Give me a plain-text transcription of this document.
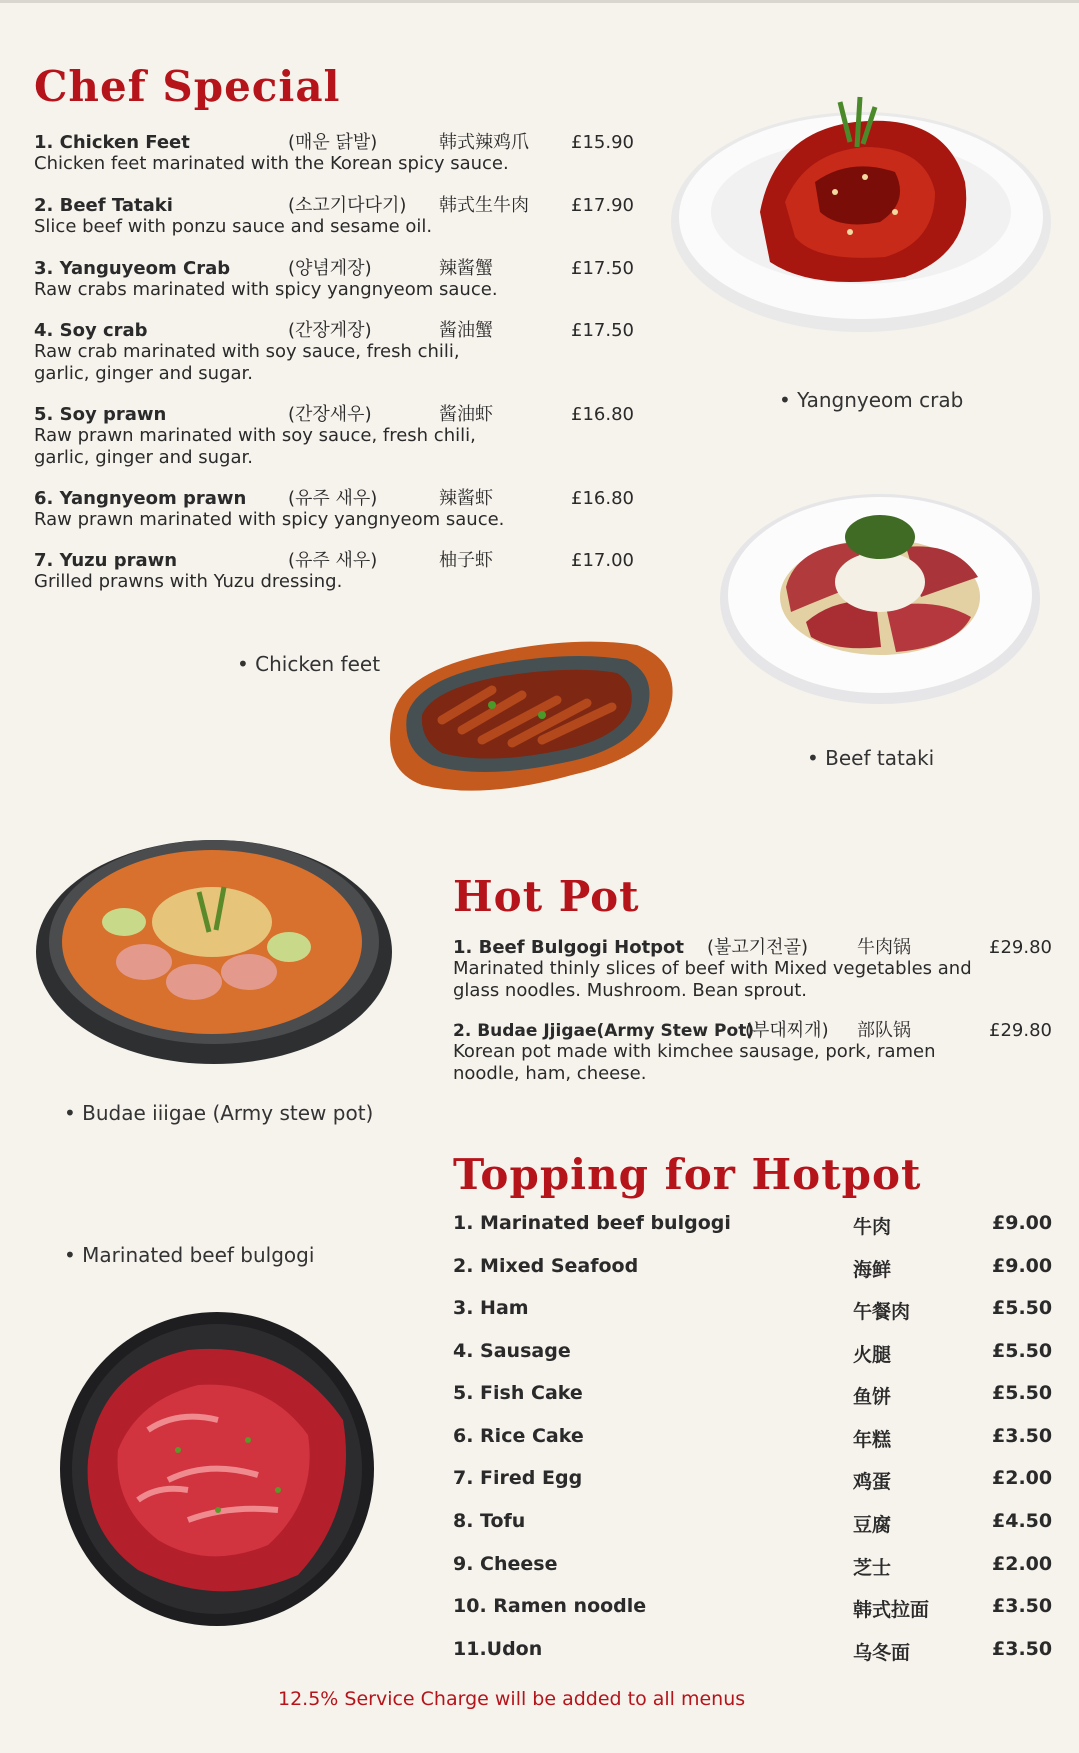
Chef Special
1. Chicken Feet	(매운 닭발)	韩式辣鸡爪 £15.90
Chicken feet marinated with the Korean spicy sauce.
2. Beef Tataki	(소고기다다기) 韩式生牛肉 £17.90
Slice beef with ponzu sauce and sesame oil.
3. Yanguyeom Crab	(양념게장)	辣酱蟹	£17.50
Raw crabs marinated with spicy yangnyeom sauce.
4. Soy crab	(간장게장)	酱油蟹	£17.50
Raw crab marinated with soy sauce, fresh chili, garlic, ginger and sugar.
5. Soy prawn	(간장새우)	酱油虾	£16.80
Raw prawn marinated with soy sauce, fresh chili, garlic, ginger and sugar.
6. Yangnyeom prawn (유주 새우)	辣酱虾	£16.80
Raw prawn marinated with spicy yangnyeom sauce.
7. Yuzu prawn	(유주 새우)	柚子虾	£17.00
Grilled prawns with Yuzu dressing.
• Yangnyeom crab
• Beef tataki
• Chicken feet
• Budae iiigae (Army stew pot)
Hot Pot
1. Beef Bulgogi Hotpot (불고기전골)	牛肉锅	£29.80
Marinated thinly slices of beef with Mixed vegetables and glass noodles. Mushroom. Bean sprout.
2. Budae Jjigae(Army Stew Pot)
(부대찌개) 部队锅	£29.80
Korean pot made with kimchee sausage, pork, ramen noodle, ham, cheese.
Topping for Hotpot
• Marinated beef bulgogi
1. Marinated beef bulgogi	牛肉	£9.00
2. Mixed Seafood	海鲜	£9.00
3. Ham	午餐肉	£5.50
4. Sausage	火腿	£5.50
5. Fish Cake	鱼饼	£5.50
6. Rice Cake	年糕	£3.50
7. Fired Egg	鸡蛋	£2.00
8. Tofu	豆腐	£4.50
9. Cheese	芝士	£2.00
10. Ramen noodle	韩式拉面	£3.50
11.Udon	乌冬面	£3.50
12.5% Service Charge will be added to all menus
